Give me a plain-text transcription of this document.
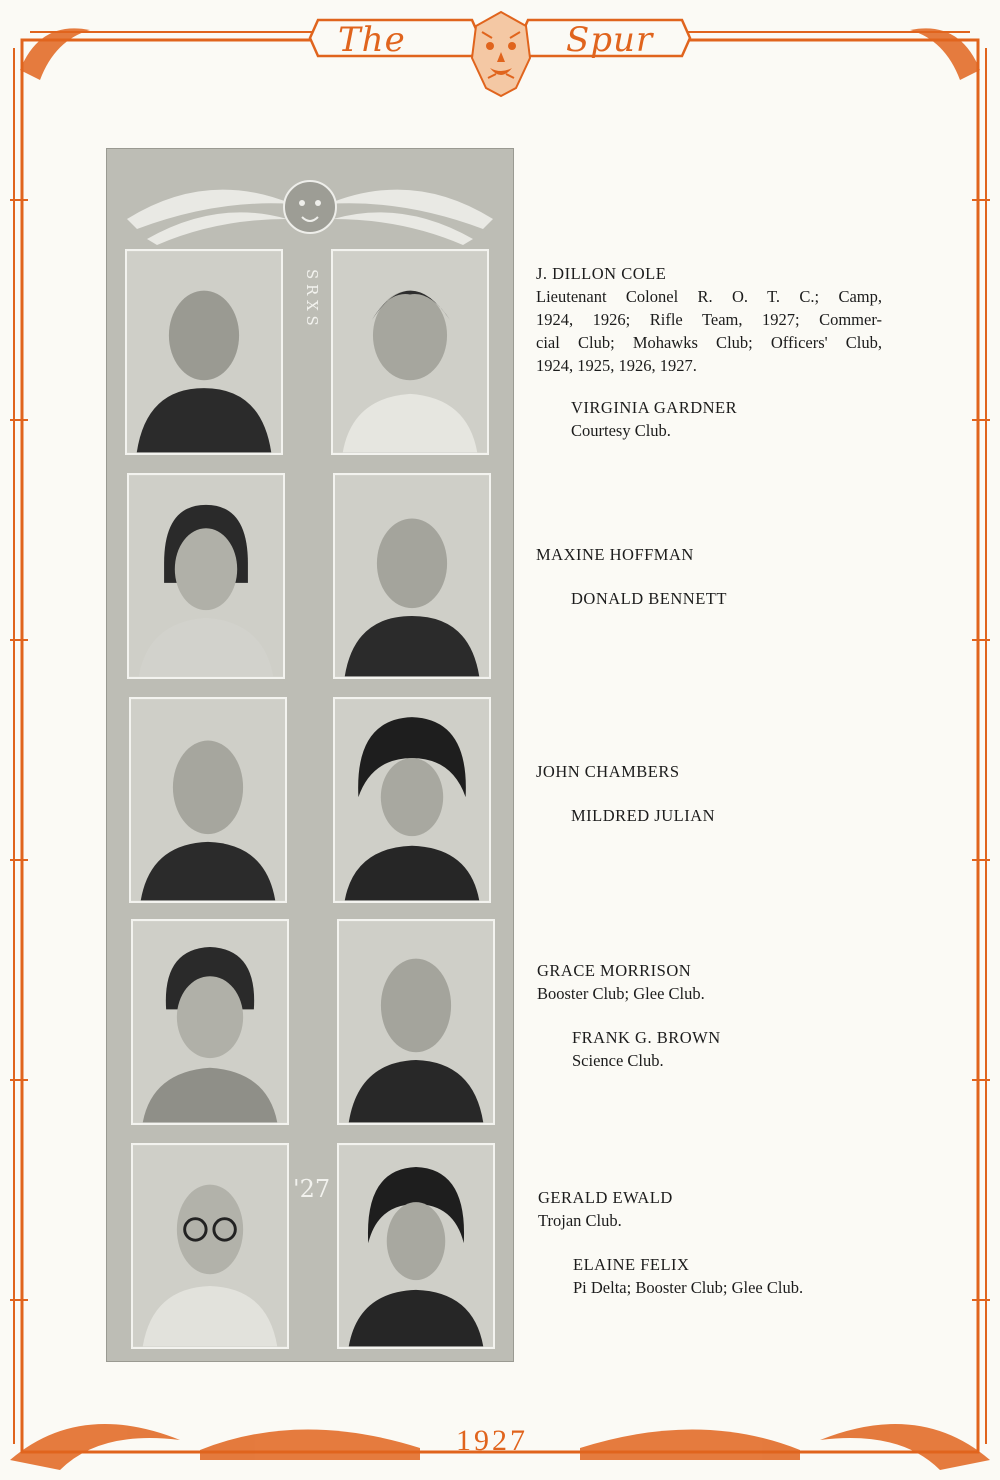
The	Spur
1927
S R X S
'27
J. DILLON COLE
Lieutenant Colonel R. O. T. C.; Camp,
1924, 1926; Rifle Team, 1927; Commer-
cial Club; Mohawks Club; Officers' Club,
1924, 1925, 1926, 1927.
VIRGINIA GARDNER
Courtesy Club.
MAXINE HOFFMAN
DONALD BENNETT
JOHN CHAMBERS
MILDRED JULIAN
GRACE MORRISON
Booster Club; Glee Club.
FRANK G. BROWN
Science Club.
GERALD EWALD
Trojan Club.
ELAINE FELIX
Pi Delta; Booster Club; Glee Club.
